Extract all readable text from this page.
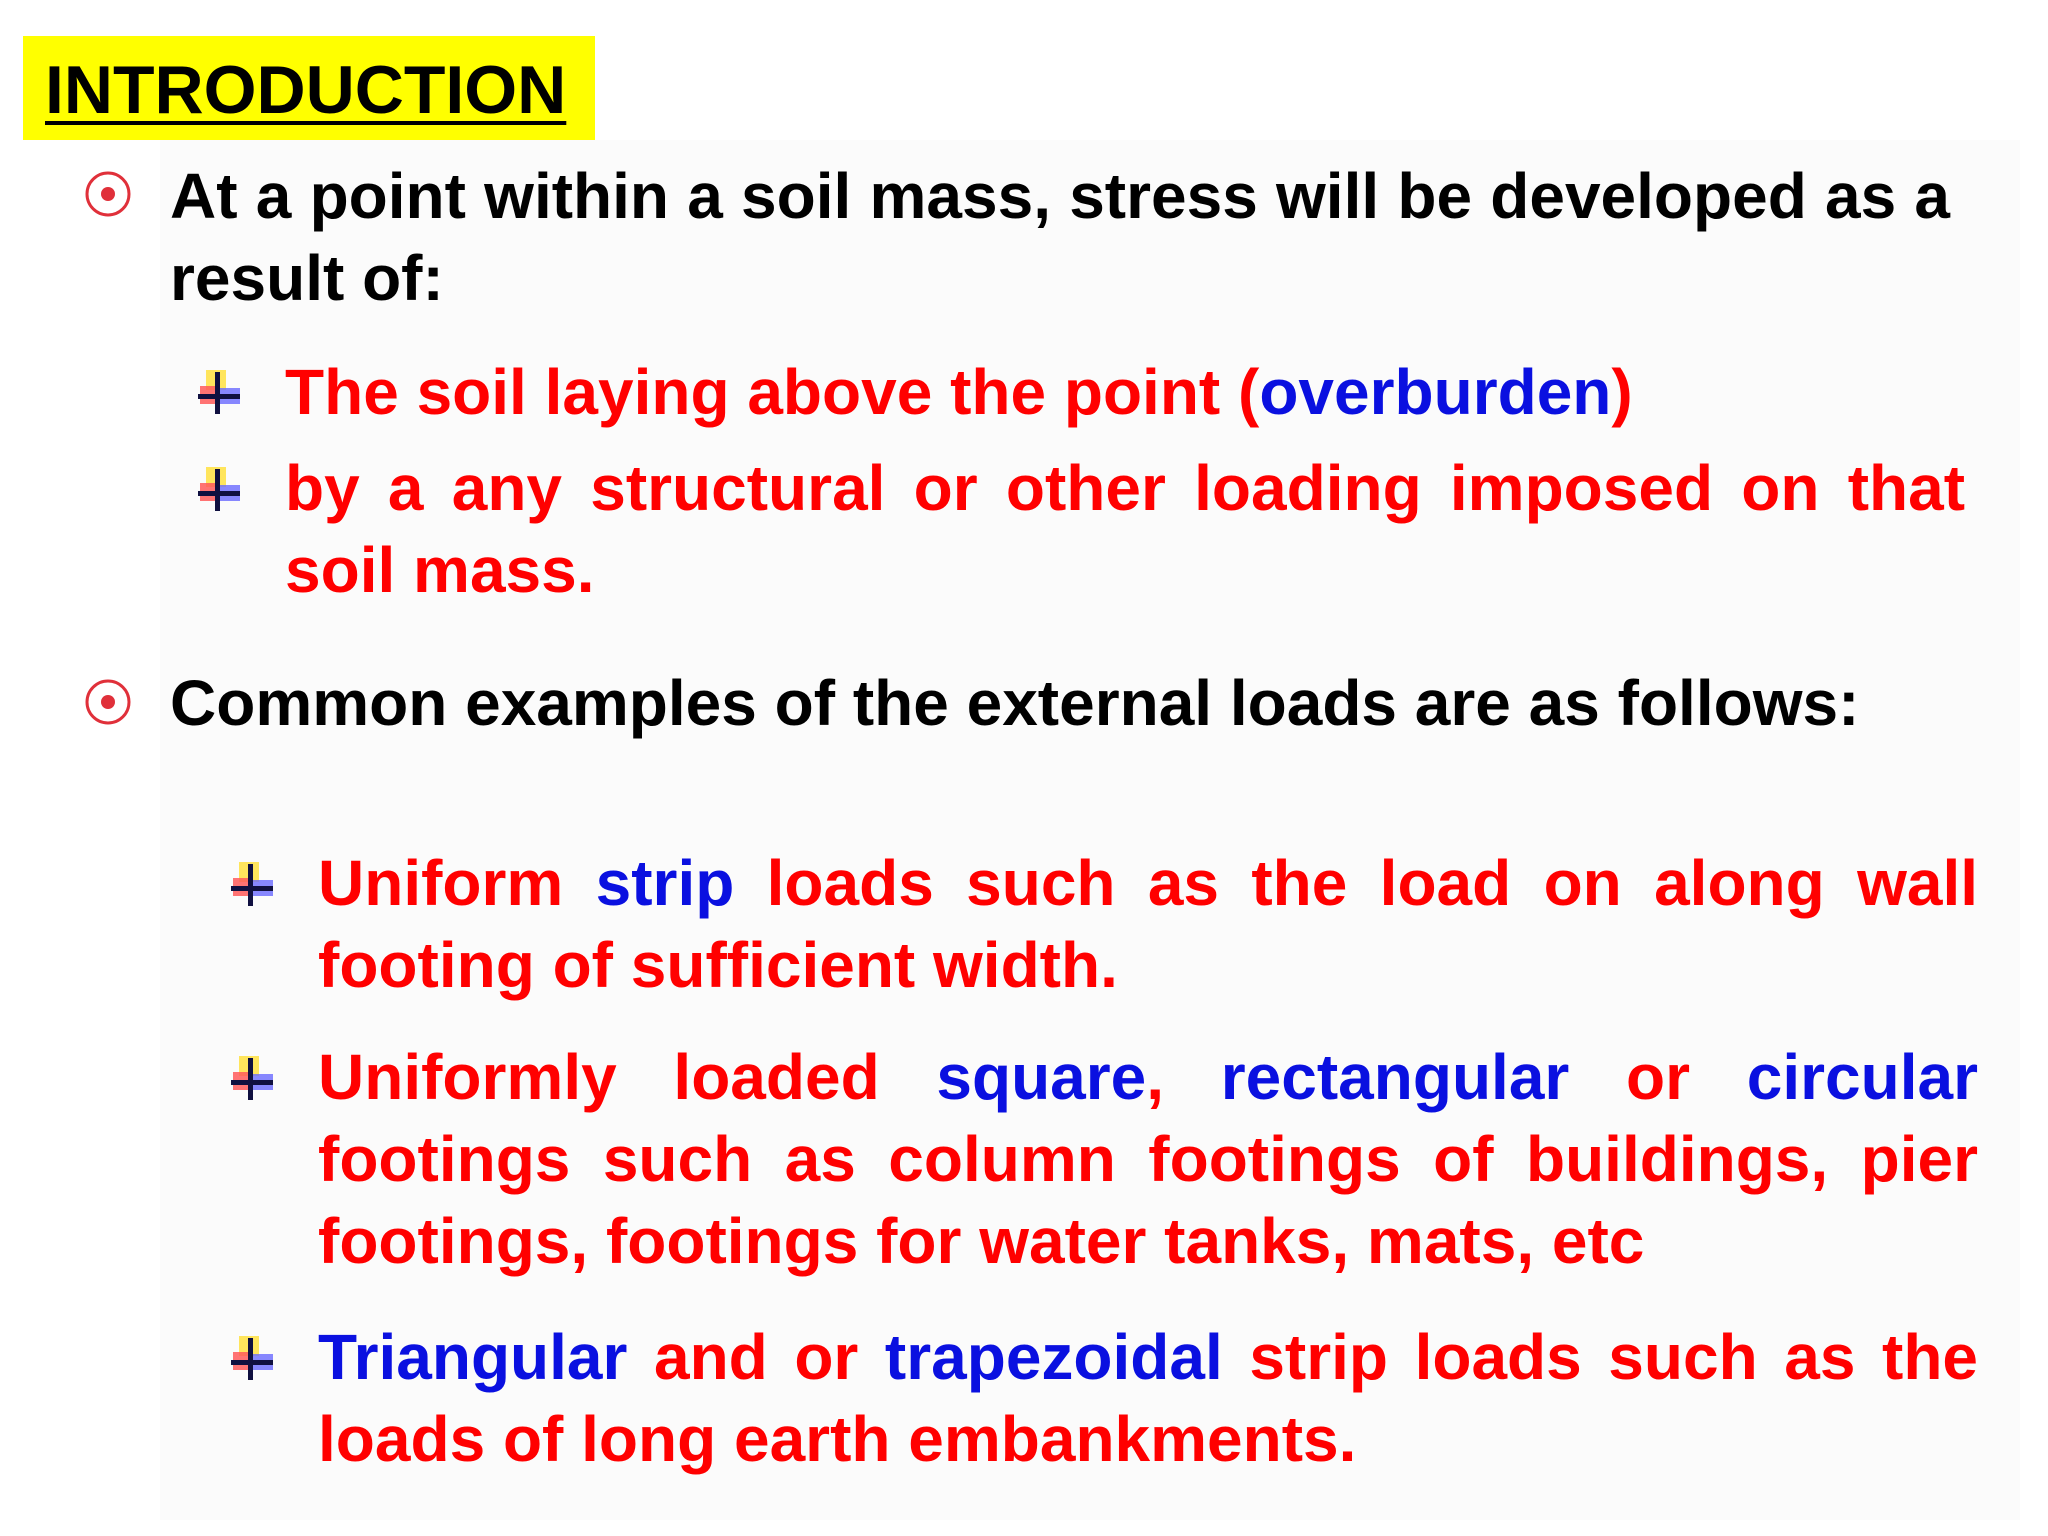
INTRODUCTION
At a point within a soil mass, stress will be developed as a result of:
The soil laying above the point (overburden)
by a any structural or other loading imposed on that soil mass.
Common examples of the external loads are as follows:
Uniform strip loads such as the load on along wall footing of sufficient width.
Uniformly loaded square, rectangular or circular footings such as column footings of buildings, pier footings, footings for water tanks, mats, etc
Triangular and or trapezoidal strip loads such as the loads of long earth embankments.
